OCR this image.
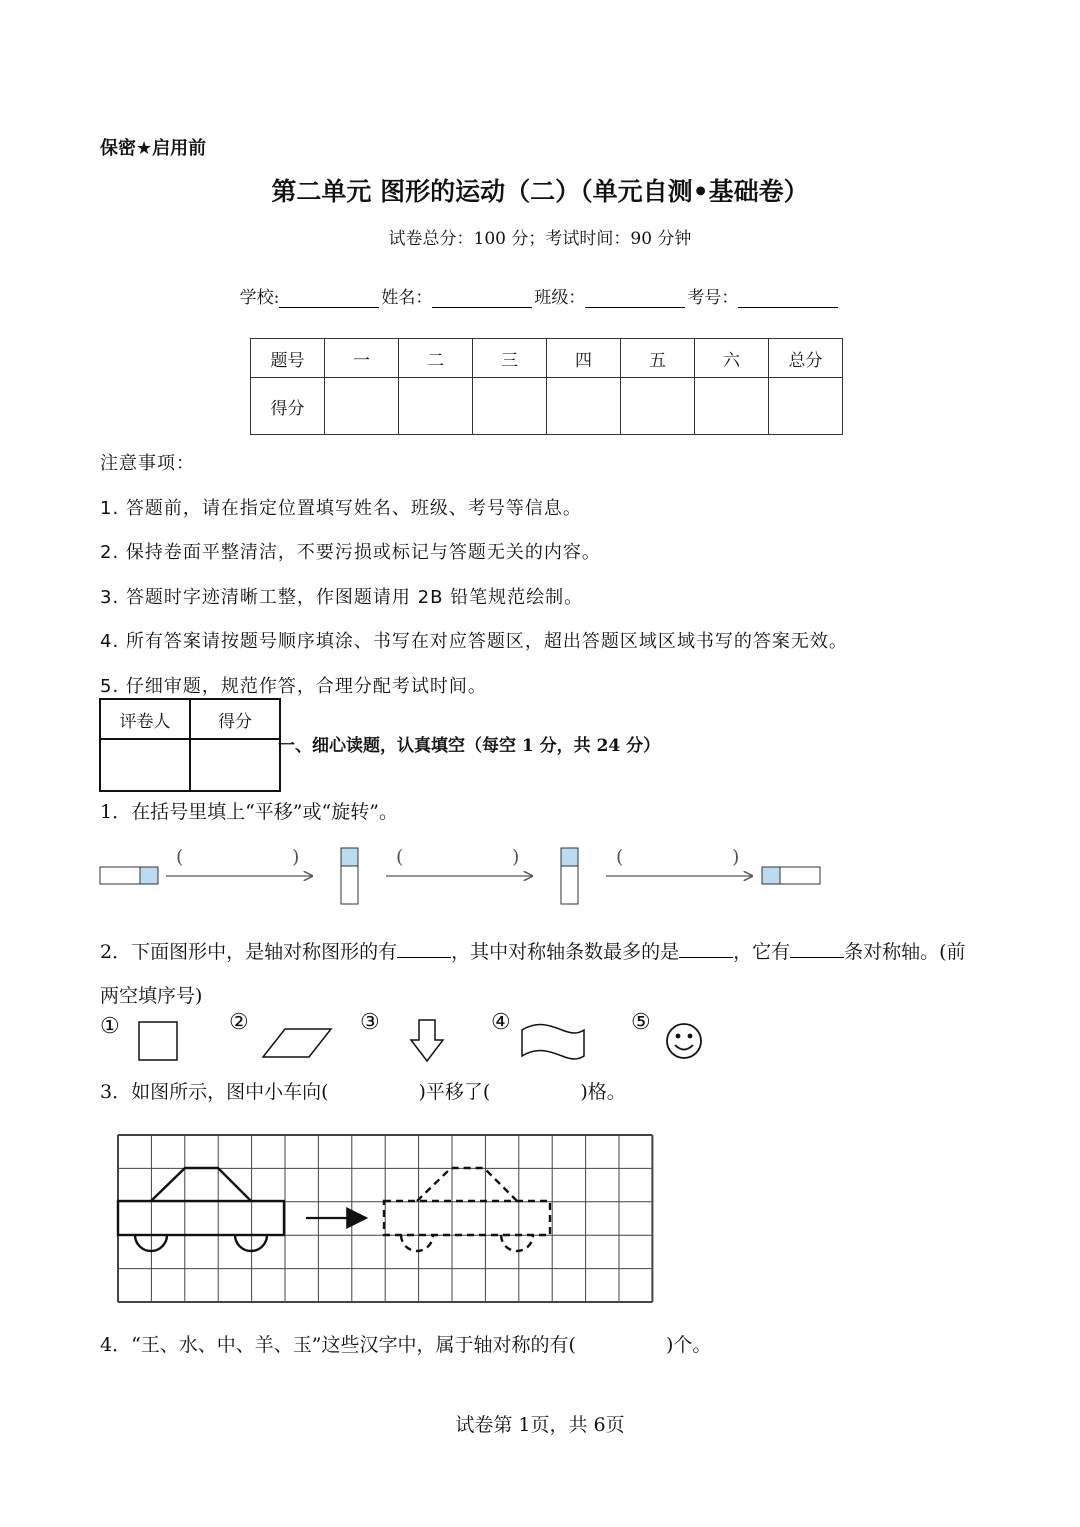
保密★启用前
第二单元 图形的运动（二）（单元自测•基础卷）
试卷总分：100 分；考试时间：90 分钟
学校:	姓名：	班级：	考号：
题号	一	二	三	四	五	六	总分
得分							
注意事项：
1. 答题前，请在指定位置填写姓名、班级、考号等信息。
2. 保持卷面平整清洁，不要污损或标记与答题无关的内容。
3. 答题时字迹清晰工整，作图题请用 2B 铅笔规范绘制。
4. 所有答案请按题号顺序填涂、书写在对应答题区，超出答题区域区域书写的答案无效。
5. 仔细审题，规范作答，合理分配考试时间。
评卷人	得分

一、细心读题，认真填空（每空 1 分，共 24 分）
1．在括号里填上“平移”或“旋转”。
(	)	(	)	(	)
2．下面图形中，是轴对称图形的有	，其中对称轴条数最多的是	，它有	条对称轴。(前两空填序号)
①	②	③	④	⑤
3．如图所示，图中小车向(	)平移了(	)格。
4．“王、水、中、羊、玉”这些汉字中，属于轴对称的有(	)个。
试卷第 1页，共 6页
